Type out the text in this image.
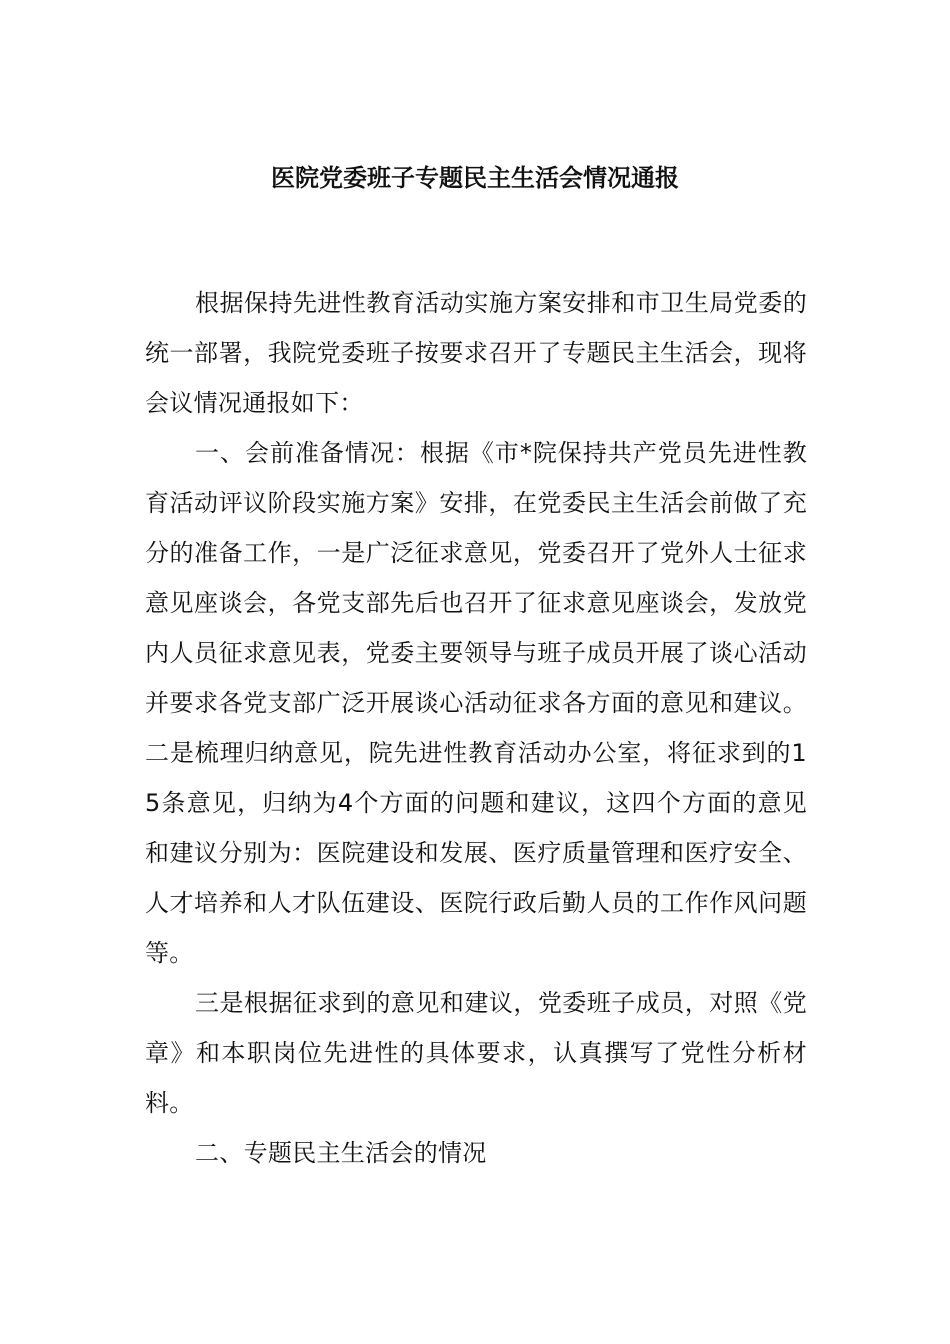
医院党委班子专题民主生活会情况通报

根据保持先进性教育活动实施方案安排和市卫生局党委的统一部署，我院党委班子按要求召开了专题民主生活会，现将会议情况通报如下：

一、会前准备情况：根据《市*院保持共产党员先进性教育活动评议阶段实施方案》安排，在党委民主生活会前做了充分的准备工作，一是广泛征求意见，党委召开了党外人士征求意见座谈会，各党支部先后也召开了征求意见座谈会，发放党内人员征求意见表，党委主要领导与班子成员开展了谈心活动并要求各党支部广泛开展谈心活动征求各方面的意见和建议。二是梳理归纳意见，院先进性教育活动办公室，将征求到的15条意见，归纳为4个方面的问题和建议，这四个方面的意见和建议分别为：医院建设和发展、医疗质量管理和医疗安全、人才培养和人才队伍建设、医院行政后勤人员的工作作风问题等。

三是根据征求到的意见和建议，党委班子成员，对照《党章》和本职岗位先进性的具体要求，认真撰写了党性分析材料。

二、专题民主生活会的情况
